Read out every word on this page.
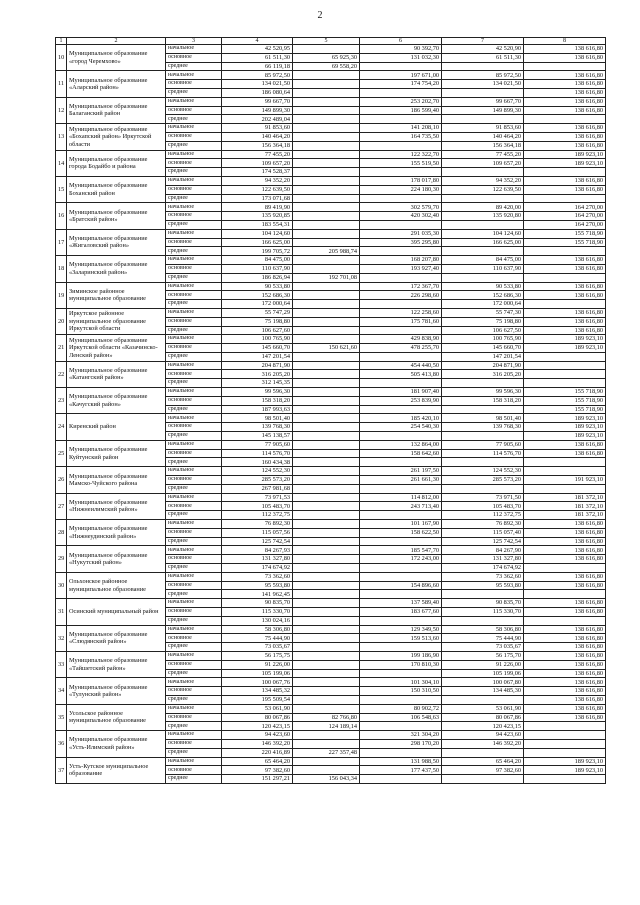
2
1	2	3	4	5	6	7	8
10	Муниципальное образование «город Черемхово»	начальное	42 520,95		90 392,70	42 520,90	138 616,80
		основное	61 511,30	65 925,30	131 032,30	61 511,30	138 616,80
		среднее	66 119,18	69 558,20			
11	Муниципальное образование «Аларский район»	начальное	85 972,50		197 671,00	85 972,50	138 616,80
		основное	134 021,50		174 754,20	134 021,50	138 616,80
		среднее	186 080,64				138 616,80
12	Муниципальное образование Балаганский район	начальное	99 667,70		253 202,70	99 667,70	138 616,80
		основное	149 899,30		186 599,40	149 899,30	138 616,80
		среднее	202 489,04				
13	Муниципальное образование «Бохапский район» Иркутской области	начальное	91 853,60		141 208,10	91 853,60	138 616,80
		основное	140 464,20		164 735,50	140 464,20	138 616,80
		среднее	156 364,18			156 364,18	138 616,80
14	Муниципальное образование города Бодайбо и района	начальное	77 455,20		122 322,70	77 455,20	189 923,10
		основное	109 657,20		155 519,50	109 657,20	189 923,10
		среднее	174 528,37				
15	Муниципальное образование Боханский район	начальное	94 352,20		178 017,80	94 352,20	138 616,80
		основное	122 639,50		224 180,30	122 639,50	138 616,80
		среднее	173 071,68				
16	Муниципальное образование «Братский район»	начальное	89 419,90		302 579,70	89 420,00	164 270,00
		основное	135 920,85		420 302,40	135 920,80	164 270,00
		среднее	183 554,31				164 270,00
17	Муниципальное образование «Жигаловский район»	начальное	104 124,60		291 035,30	104 124,60	155 718,90
		основное	166 625,00		395 295,80	166 625,00	155 718,90
		среднее	199 705,72	205 988,74			
18	Муниципальное образование «Заларинский район»	начальное	84 475,00		168 207,80	84 475,00	138 616,80
		основное	110 637,90		193 927,40	110 637,90	138 616,80
		среднее	186 826,94	192 701,08			
19	Зиминское районное муниципальное образование	начальное	90 533,80		172 367,70	90 533,80	138 616,80
		основное	152 686,30		226 298,60	152 686,30	138 616,80
		среднее	172 000,64			172 000,64	
20	Иркутское районное муниципальное образование Иркутской области	начальное	55 747,29		122 258,60	55 747,30	138 616,80
		основное	75 198,80		175 781,60	75 198,80	138 616,80
		среднее	106 627,60			106 627,50	138 616,80
21	Муниципальное образование Иркутской области «Казачинско-Ленский район»	начальное	100 765,90		429 838,90	100 765,90	189 923,10
		основное	145 660,70	150 621,60	478 255,70	145 660,70	189 923,10
		среднее	147 201,54			147 201,54	
22	Муниципальное образование «Катангский район»	начальное	204 871,90		454 440,50	204 871,90	
		основное	316 205,20		505 413,80	316 205,20	
		среднее	312 145,35				
23	Муниципальное образование «Качугский район»	начальное	99 596,30		181 907,40	99 596,30	155 718,90
		основное	158 318,20		253 839,90	158 318,20	155 718,90
		среднее	187 993,63				155 718,90
24	Киренский район	начальное	98 501,40		185 420,10	98 501,40	189 923,10
		основное	139 768,30		254 540,30	139 768,30	189 923,10
		среднее	145 138,57				189 923,10
25	Муниципальное образование Куйтунский район	начальное	77 905,60		132 864,00	77 905,60	138 616,80
		основное	114 576,70		158 642,60	114 576,70	138 616,80
		среднее	160 434,38				
26	Муниципальное образование Мамско-Чуйского района	начальное	124 552,30		261 197,50	124 552,30	
		основное	285 573,20		261 661,30	285 573,20	191 923,10
		среднее	267 981,68				
27	Муниципальное образование «Нижнеилимский район»	начальное	73 971,53		114 812,00	73 971,50	181 372,10
		основное	105 483,70		243 713,40	105 483,70	181 372,10
		среднее	112 372,75			112 372,75	181 372,10
28	Муниципальное образование «Нижнеудинский район»	начальное	76 892,30		101 167,90	76 892,30	138 616,80
		основное	115 057,56		158 622,50	115 057,40	138 616,80
		среднее	125 742,54			125 742,54	138 616,80
29	Муниципальное образование «Нукутский район»	начальное	84 267,93		185 547,70	84 267,90	138 616,80
		основное	131 327,80		172 243,00	131 327,80	138 616,80
		среднее	174 674,92			174 674,92	
30	Ольхонское районное муниципальное образование	начальное	73 362,60			73 362,60	138 616,80
		основное	95 593,80		154 896,60	95 593,80	138 616,80
		среднее	141 962,45				
31	Осинский муниципальный район	начальное	90 835,70		137 589,40	90 835,70	138 616,80
		основное	115 330,70		183 677,60	115 330,70	138 616,80
		среднее	130 024,16				
32	Муниципальное образование «Слюдянский район»	начальное	58 306,80		129 349,50	58 306,80	138 616,80
		основное	75 444,90		159 513,60	75 444,90	138 616,80
		среднее	73 035,67			73 035,67	138 616,80
33	Муниципальное образование «Тайшетский район»	начальное	56 175,75		199 186,90	56 175,70	138 616,80
		основное	91 226,00		170 810,30	91 226,00	138 616,80
		среднее	105 199,06			105 199,06	138 616,80
34	Муниципальное образование «Тулунский район»	начальное	100 067,76		101 304,10	100 067,80	138 616,80
		основное	134 485,32		150 310,50	134 485,30	138 616,80
		среднее	195 509,54				138 616,80
35	Усольское районное муниципальное образование	начальное	53 061,90		80 902,72	53 061,90	138 616,80
		основное	80 067,86	82 766,80	106 548,63	80 067,86	138 616,80
		среднее	120 423,15	124 189,14		120 423,15	
36	Муниципальное образование «Усть-Илимский район»	начальное	94 423,60		321 304,20	94 423,60	
		основное	146 392,20		298 170,20	146 392,20	
		среднее	220 416,89	227 357,48			
37	Усть-Кутское муниципальное образование	начальное	65 464,20		131 988,50	65 464,20	189 923,10
		основное	97 382,60		177 437,50	97 382,60	189 923,10
		среднее	151 297,21	156 043,34			
